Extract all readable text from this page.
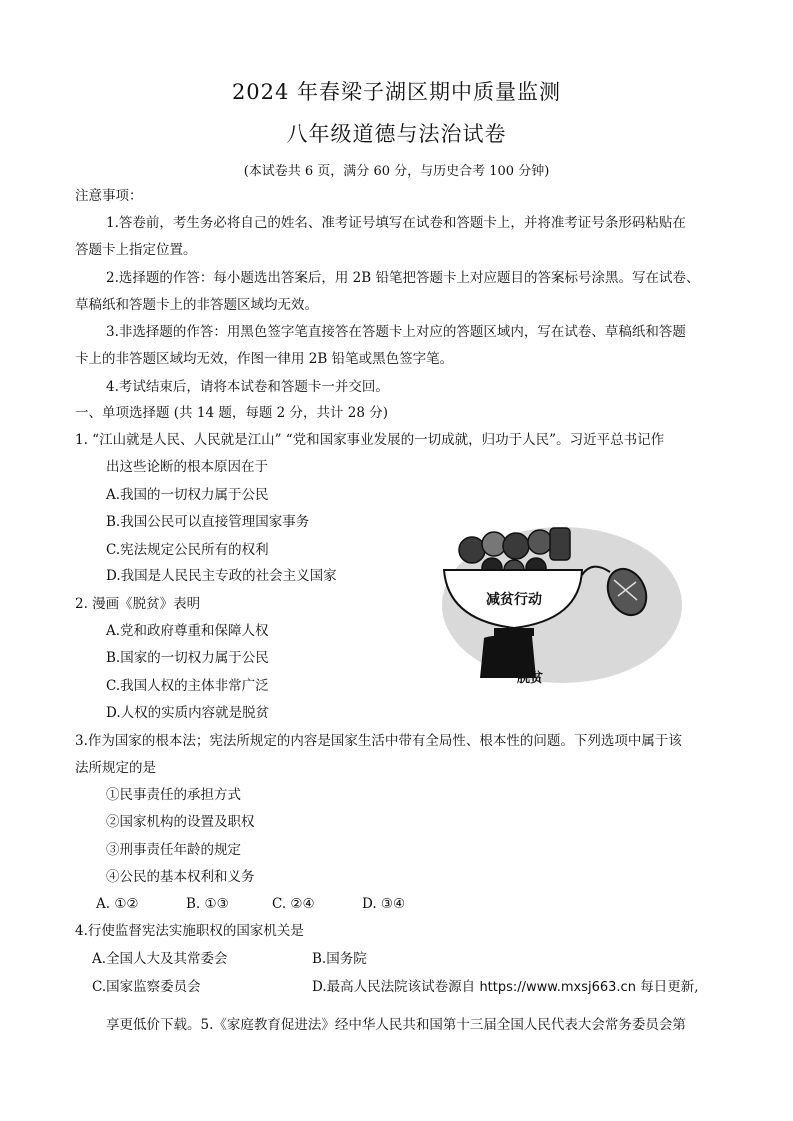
2024 年春梁子湖区期中质量监测
八年级道德与法治试卷
(本试卷共 6 页，满分 60 分，与历史合考 100 分钟)
注意事项：
1.答卷前，考生务必将自己的姓名、准考证号填写在试卷和答题卡上，并将准考证号条形码粘贴在
答题卡上指定位置。
2.选择题的作答：每小题选出答案后，用 2B 铅笔把答题卡上对应题目的答案标号涂黑。写在试卷、
草稿纸和答题卡上的非答题区域均无效。
3.非选择题的作答：用黑色签字笔直接答在答题卡上对应的答题区域内，写在试卷、草稿纸和答题
卡上的非答题区域均无效，作图一律用 2B 铅笔或黑色签字笔。
4.考试结束后，请将本试卷和答题卡一并交回。
一、单项选择题 (共 14 题，每题 2 分，共计 28 分)
1. “江山就是人民、人民就是江山” “党和国家事业发展的一切成就，归功于人民”。习近平总书记作
出这些论断的根本原因在于
A.我国的一切权力属于公民
B.我国公民可以直接管理国家事务
C.宪法规定公民所有的权利
D.我国是人民民主专政的社会主义国家
2. 漫画《脱贫》表明
A.党和政府尊重和保障人权
B.国家的一切权力属于公民
C.我国人权的主体非常广泛
D.人权的实质内容就是脱贫
减贫行动
脱贫
3.作为国家的根本法；宪法所规定的内容是国家生活中带有全局性、根本性的问题。下列选项中属于该
法所规定的是
①民事责任的承担方式
②国家机构的设置及职权
③刑事责任年龄的规定
④公民的基本权利和义务
A. ①②	B. ①③	C. ②④	D. ③④
4.行使监督宪法实施职权的国家机关是
A.全国人大及其常委会	B.国务院
C.国家监察委员会	D.最高人民法院该试卷源自 https://www.mxsj663.cn 每日更新,
享更低价下载。5.《家庭教育促进法》经中华人民共和国第十三届全国人民代表大会常务委员会第
